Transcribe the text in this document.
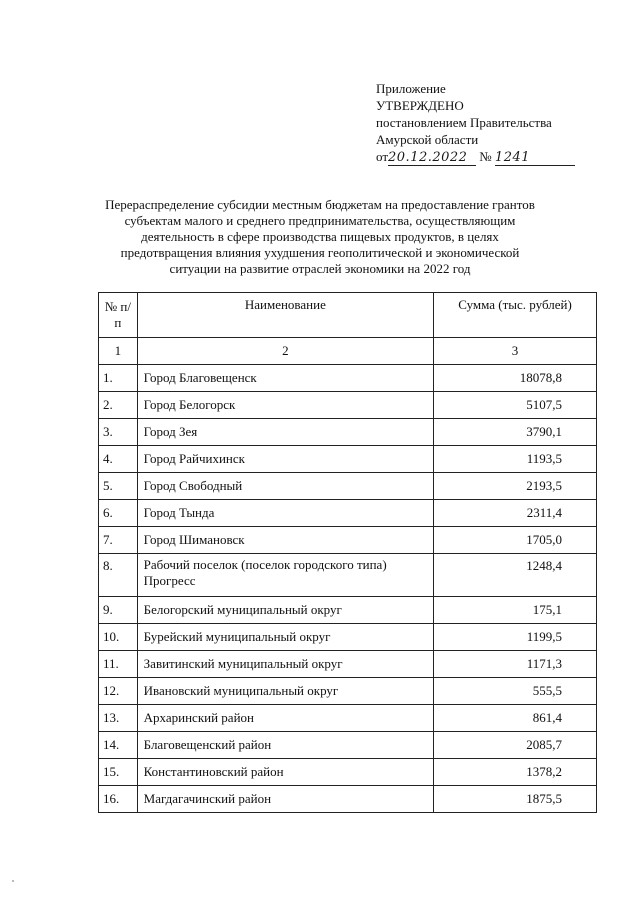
Приложение
УТВЕРЖДЕНО
постановлением Правительства
Амурской области
от20.12.2022 № 1241
Перераспределение субсидии местным бюджетам на предоставление грантов
субъектам малого и среднего предпринимательства, осуществляющим
деятельность в сфере производства пищевых продуктов, в целях
предотвращения влияния ухудшения геополитической и экономической
ситуации на развитие отраслей экономики на 2022 год
№ п/п	Наименование	Сумма (тыс. рублей)
1	2	3
1.	Город Благовещенск	18078,8
2.	Город Белогорск	5107,5
3.	Город Зея	3790,1
4.	Город Райчихинск	1193,5
5.	Город Свободный	2193,5
6.	Город Тында	2311,4
7.	Город Шимановск	1705,0
8.	Рабочий поселок (поселок городского типа) Прогресс	1248,4
9.	Белогорский муниципальный округ	175,1
10.	Бурейский муниципальный округ	1199,5
11.	Завитинский муниципальный округ	1171,3
12.	Ивановский муниципальный округ	555,5
13.	Архаринский район	861,4
14.	Благовещенский район	2085,7
15.	Константиновский район	1378,2
16.	Магдагачинский район	1875,5
